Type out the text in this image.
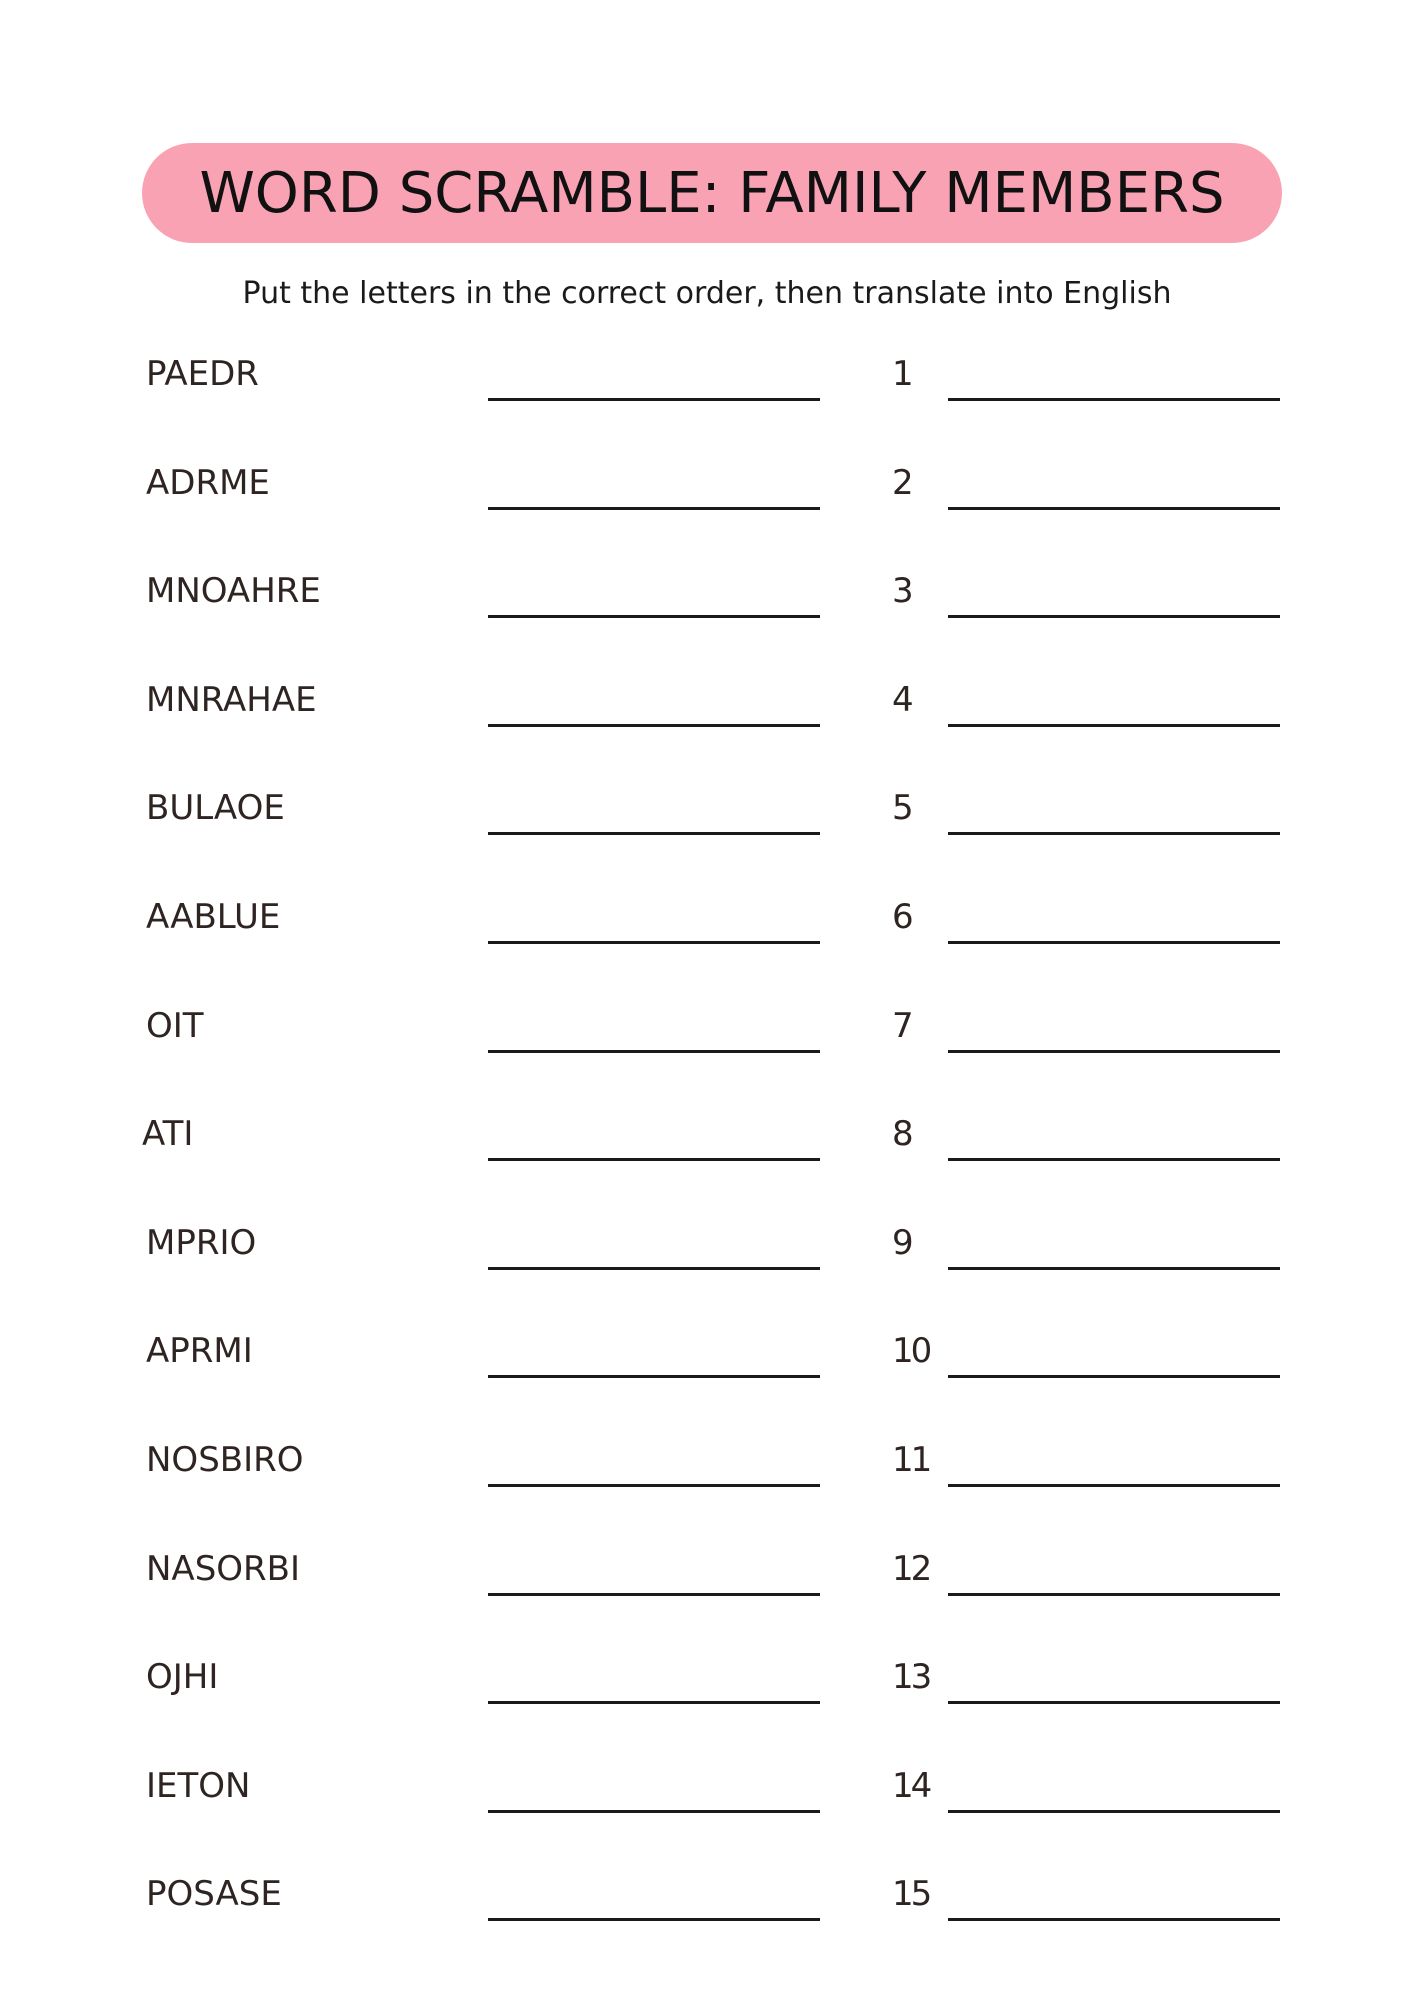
WORD SCRAMBLE: FAMILY MEMBERS
Put the letters in the correct order, then translate into English
PAEDR	1
ADRME	2
MNOAHRE	3
MNRAHAE	4
BULAOE	5
AABLUE	6
OIT	7
ATI	8
MPRIO	9
APRMI	10
NOSBIRO	11
NASORBI	12
OJHI	13
IETON	14
POSASE	15
